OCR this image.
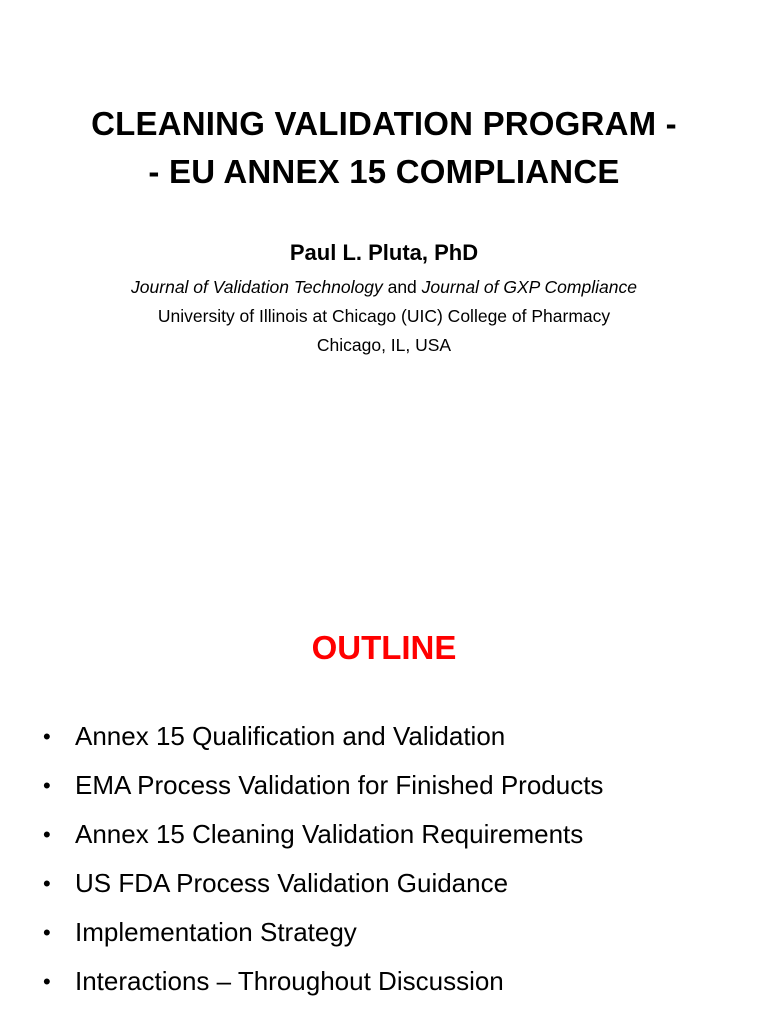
CLEANING VALIDATION PROGRAM -
- EU ANNEX 15 COMPLIANCE
Paul L. Pluta, PhD
Journal of Validation Technology and Journal of GXP Compliance
University of Illinois at Chicago (UIC) College of Pharmacy
Chicago, IL, USA
OUTLINE
• Annex 15 Qualification and Validation
• EMA Process Validation for Finished Products
• Annex 15 Cleaning Validation Requirements
• US FDA Process Validation Guidance
• Implementation Strategy
• Interactions – Throughout Discussion
